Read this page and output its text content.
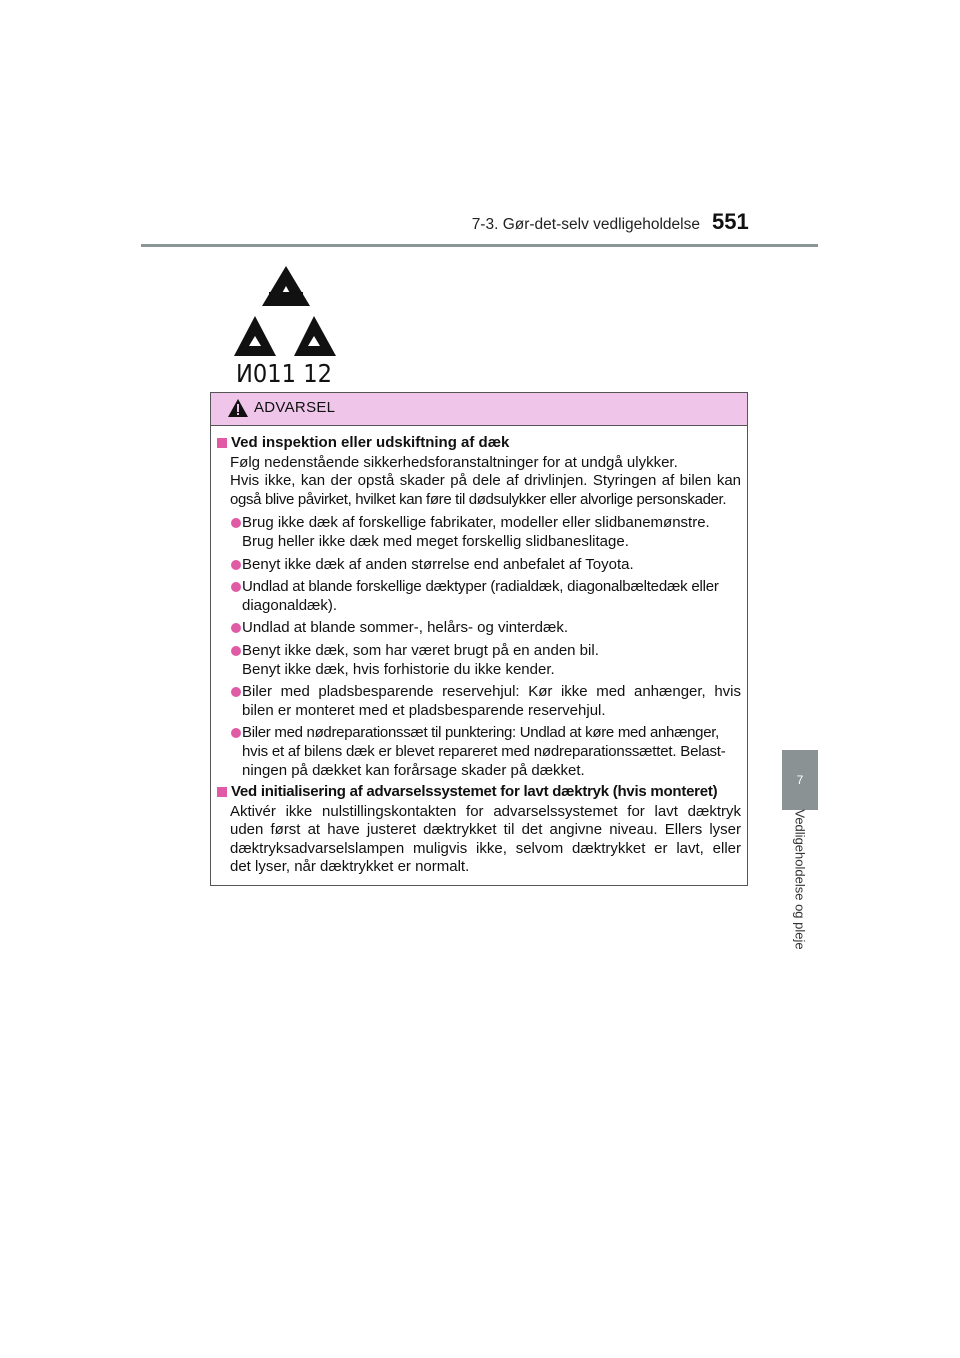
7-3. Gør-det-selv vedligeholdelse 551
И011 12
ADVARSEL
Ved inspektion eller udskiftning af dæk
Følg nedenstående sikkerhedsforanstaltninger for at undgå ulykker.
Hvis ikke, kan der opstå skader på dele af drivlinjen. Styringen af bilen kan
også blive påvirket, hvilket kan føre til dødsulykker eller alvorlige personskader.
Brug ikke dæk af forskellige fabrikater, modeller eller slidbanemønstre.
Brug heller ikke dæk med meget forskellig slidbaneslitage.
Benyt ikke dæk af anden størrelse end anbefalet af Toyota.
Undlad at blande forskellige dæktyper (radialdæk, diagonalbæltedæk eller
diagonaldæk).
Undlad at blande sommer-, helårs- og vinterdæk.
Benyt ikke dæk, som har været brugt på en anden bil.
Benyt ikke dæk, hvis forhistorie du ikke kender.
Biler med pladsbesparende reservehjul: Kør ikke med anhænger, hvis
bilen er monteret med et pladsbesparende reservehjul.
Biler med nødreparationssæt til punktering: Undlad at køre med anhænger,
hvis et af bilens dæk er blevet repareret med nødreparationssættet. Belast-
ningen på dækket kan forårsage skader på dækket.
Ved initialisering af advarselssystemet for lavt dæktryk (hvis monteret)
Aktivér ikke nulstillingskontakten for advarselssystemet for lavt dæktryk
uden først at have justeret dæktrykket til det angivne niveau. Ellers lyser
dæktryksadvarselslampen muligvis ikke, selvom dæktrykket er lavt, eller
det lyser, når dæktrykket er normalt.
7
Vedligeholdelse og pleje
